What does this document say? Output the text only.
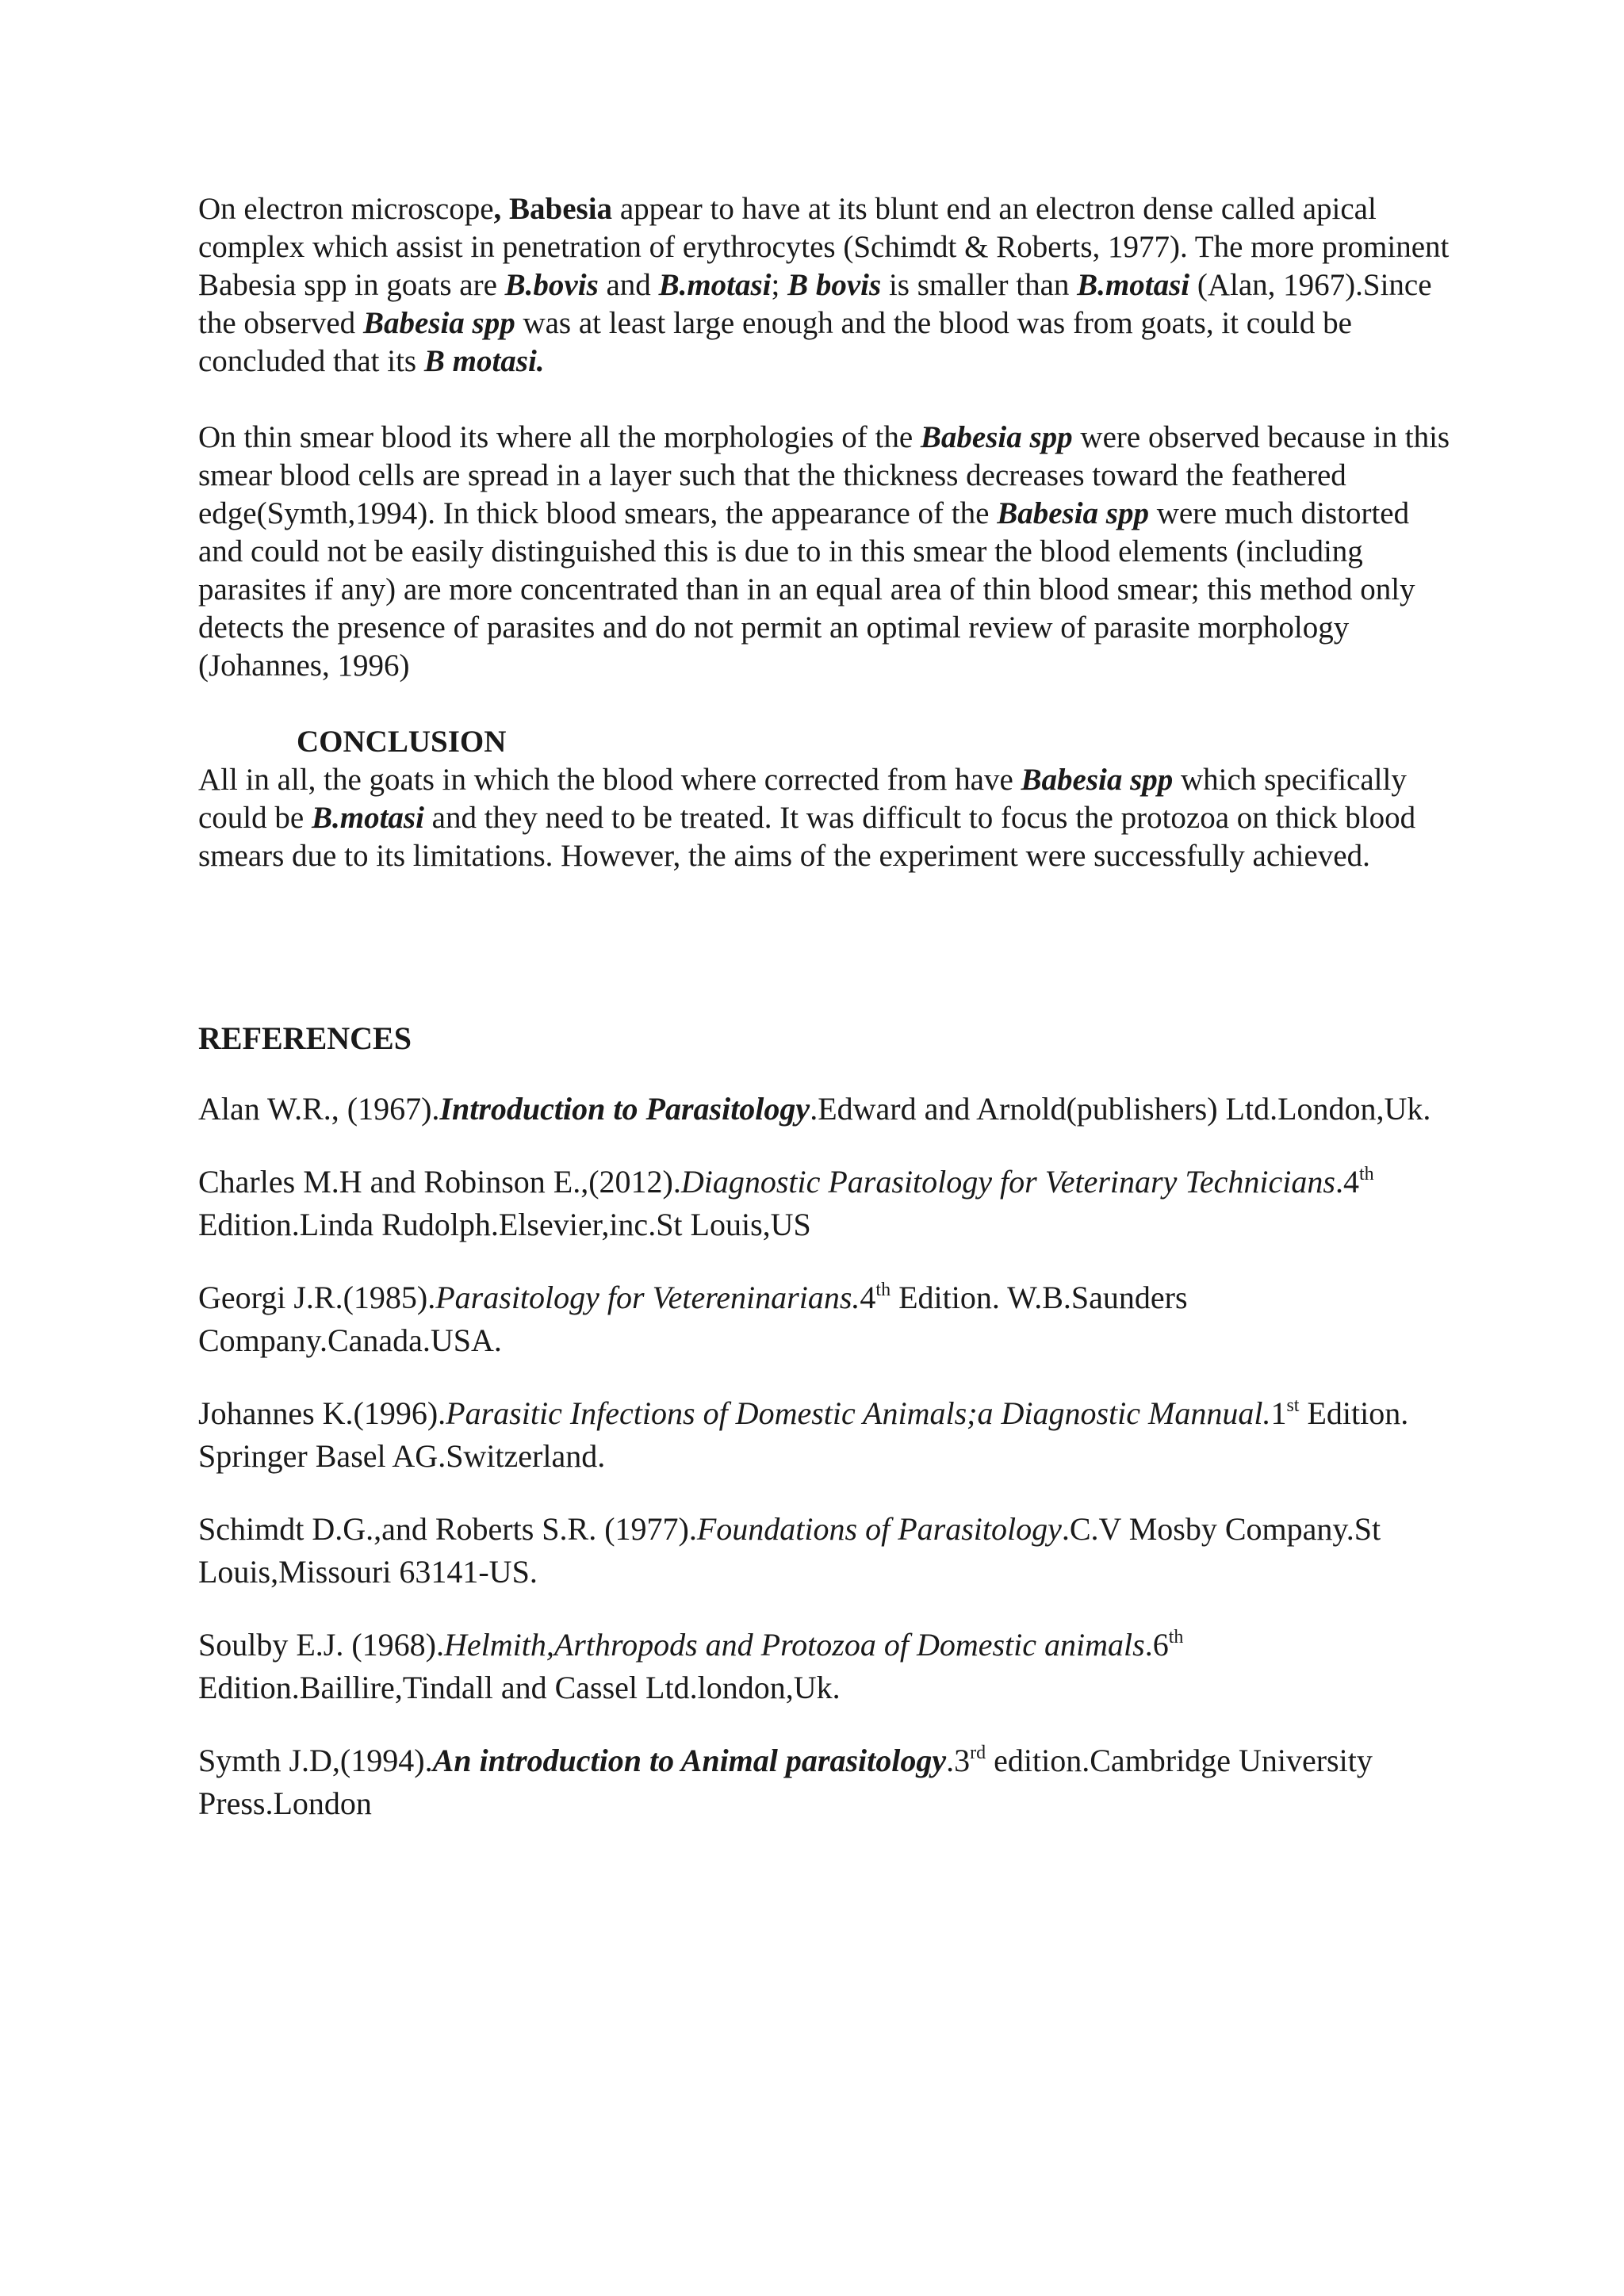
On electron microscope, Babesia appear to have at its blunt end an electron dense called apical complex which assist in penetration of erythrocytes (Schimdt & Roberts, 1977). The more prominent Babesia spp in goats are B.bovis and B.motasi; B bovis is smaller than B.motasi (Alan, 1967).Since the observed Babesia spp was at least large enough and the blood was from goats, it could be concluded that its B motasi.

On thin smear blood its where all the morphologies of the Babesia spp were observed because in this smear blood cells are spread in a layer such that the thickness decreases toward the feathered edge(Symth,1994). In thick blood smears, the appearance of the Babesia spp were much distorted and could not be easily distinguished this is due to in this smear the blood elements (including parasites if any) are more concentrated than in an equal area of thin blood smear; this method only detects the presence of parasites and do not permit an optimal review of parasite morphology (Johannes, 1996)

CONCLUSION

All in all, the goats in which the blood where corrected from have Babesia spp which specifically could be B.motasi and they need to be treated. It was difficult to focus the protozoa on thick blood smears due to its limitations. However, the aims of the experiment were successfully achieved.

REFERENCES

Alan W.R., (1967).Introduction to Parasitology.Edward and Arnold(publishers) Ltd.London,Uk.

Charles M.H and Robinson E.,(2012).Diagnostic Parasitology for Veterinary Technicians.4th Edition.Linda Rudolph.Elsevier,inc.St Louis,US

Georgi J.R.(1985).Parasitology for Vetereninarians.4th Edition. W.B.Saunders Company.Canada.USA.

Johannes K.(1996).Parasitic Infections of Domestic Animals;a Diagnostic Mannual.1st Edition. Springer Basel AG.Switzerland.

Schimdt D.G.,and Roberts S.R. (1977).Foundations of Parasitology.C.V Mosby Company.St Louis,Missouri 63141-US.

Soulby E.J. (1968).Helmith,Arthropods and Protozoa of Domestic animals.6th Edition.Baillire,Tindall and Cassel Ltd.london,Uk.

Symth J.D,(1994).An introduction to Animal parasitology.3rd edition.Cambridge University Press.London
